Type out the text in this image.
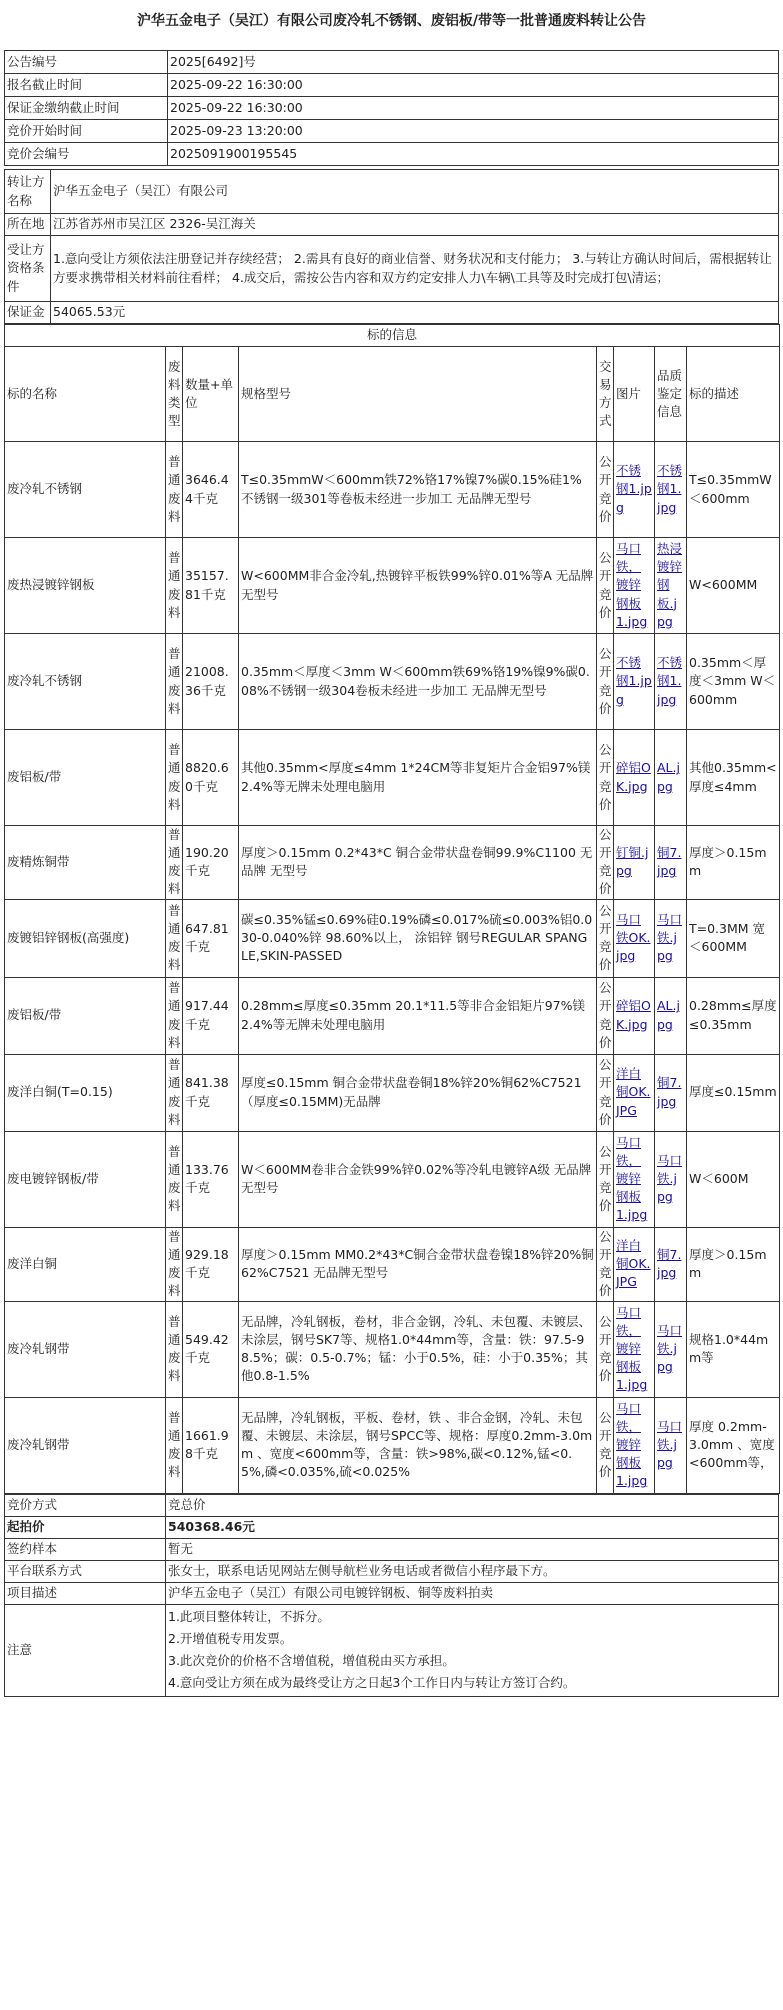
沪华五金电子（吴江）有限公司废冷轧不锈钢、废铝板/带等一批普通废料转让公告
公告编号	2025[6492]号
报名截止时间	2025-09-22 16:30:00
保证金缴纳截止时间	2025-09-22 16:30:00
竞价开始时间	2025-09-23 13:20:00
竞价会编号	2025091900195545
转让方名称	沪华五金电子（吴江）有限公司
所在地	江苏省苏州市吴江区 2326-吴江海关
受让方资格条件	1.意向受让方须依法注册登记并存续经营； 2.需具有良好的商业信誉、财务状况和支付能力； 3.与转让方确认时间后，需根据转让方要求携带相关材料前往看样； 4.成交后，需按公告内容和双方约定安排人力\车辆\工具等及时完成打包\清运；
保证金	54065.53元
标的信息							
标的名称	废料类型	数量+单位	规格型号	交易方式	图片	品质鉴定信息	标的描述
废冷轧不锈钢	普通废料	3646.44千克	T≤0.35mmW＜600mm铁72%铬17%镍7%碳0.15%硅1%不锈钢一级301等卷板未经进一步加工 无品牌无型号	公开竞价	不锈钢1.jpg	不锈钢1.jpg	T≤0.35mmW＜600mm
废热浸镀锌钢板	普通废料	35157.81千克	W<600MM非合金冷轧,热镀锌平板铁99%锌0.01%等A 无品牌无型号	公开竞价	马口铁，镀锌钢板1.jpg	热浸镀锌钢板.jpg	W<600MM
废冷轧不锈钢	普通废料	21008.36千克	0.35mm＜厚度＜3mm W＜600mm铁69%铬19%镍9%碳0.08%不锈钢一级304卷板未经进一步加工 无品牌无型号	公开竞价	不锈钢1.jpg	不锈钢1.jpg	0.35mm＜厚度＜3mm W＜600mm
废铝板/带	普通废料	8820.60千克	其他0.35mm<厚度≤4mm 1*24CM等非复矩片合金铝97%镁2.4%等无牌未处理电脑用	公开竞价	碎铝OK.jpg	AL.jpg	其他0.35mm<厚度≤4mm
废精炼铜带	普通废料	190.20千克	厚度＞0.15mm 0.2*43*C 铜合金带状盘卷铜99.9%C1100 无品牌 无型号	公开竞价	钉铜.jpg	铜7.jpg	厚度＞0.15mm
废镀铝锌钢板(高强度)	普通废料	647.81千克	碳≤0.35%锰≤0.69%硅0.19%磷≤0.017%硫≤0.003%铝0.030-0.040%锌 98.60%以上， 涂铝锌 钢号REGULAR SPANGLE,SKIN-PASSED	公开竞价	马口铁OK.jpg	马口铁.jpg	T=0.3MM 宽＜600MM
废铝板/带	普通废料	917.44千克	0.28mm≤厚度≤0.35mm 20.1*11.5等非合金铝矩片97%镁2.4%等无牌未处理电脑用	公开竞价	碎铝OK.jpg	AL.jpg	0.28mm≤厚度≤0.35mm
废洋白铜(T=0.15)	普通废料	841.38千克	厚度≤0.15mm 铜合金带状盘卷铜18%锌20%铜62%C7521（厚度≤0.15MM)无品牌	公开竞价	洋白铜OK.JPG	铜7.jpg	厚度≤0.15mm
废电镀锌钢板/带	普通废料	133.76千克	W＜600MM卷非合金铁99%锌0.02%等冷轧电镀锌A级 无品牌 无型号	公开竞价	马口铁，镀锌钢板1.jpg	马口铁.jpg	W＜600M
废洋白铜	普通废料	929.18千克	厚度＞0.15mm MM0.2*43*C铜合金带状盘卷镍18%锌20%铜62%C7521 无品牌无型号	公开竞价	洋白铜OK.JPG	铜7.jpg	厚度＞0.15mm
废冷轧钢带	普通废料	549.42千克	无品牌，冷轧钢板，卷材，非合金钢，冷轧、未包覆、未镀层、未涂层，钢号SK7等、规格1.0*44mm等，含量：铁：97.5-98.5%；碳：0.5-0.7%；锰：小于0.5%，硅：小于0.35%；其他0.8-1.5%	公开竞价	马口铁，镀锌钢板1.jpg	马口铁.jpg	规格1.0*44mm等
废冷轧钢带	普通废料	1661.98千克	无品牌，冷轧钢板，平板、卷材，铁 、非合金钢，冷轧、未包覆、未镀层、未涂层，钢号SPCC等、规格：厚度0.2mm-3.0mm 、宽度<600mm等，含量：铁>98%,碳<0.12%,锰<0.5%,磷<0.035%,硫<0.025%	公开竞价	马口铁，镀锌钢板1.jpg	马口铁.jpg	厚度 0.2mm-3.0mm 、宽度<600mm等，
竞价方式	竞总价
起拍价	540368.46元
签约样本	暂无
平台联系方式	张女士，联系电话见网站左侧导航栏业务电话或者微信小程序最下方。
项目描述	沪华五金电子（吴江）有限公司电镀锌钢板、铜等废料拍卖
注意	1.此项目整体转让，不拆分。
2.开增值税专用发票。
3.此次竞价的价格不含增值税，增值税由买方承担。
4.意向受让方须在成为最终受让方之日起3个工作日内与转让方签订合约。
